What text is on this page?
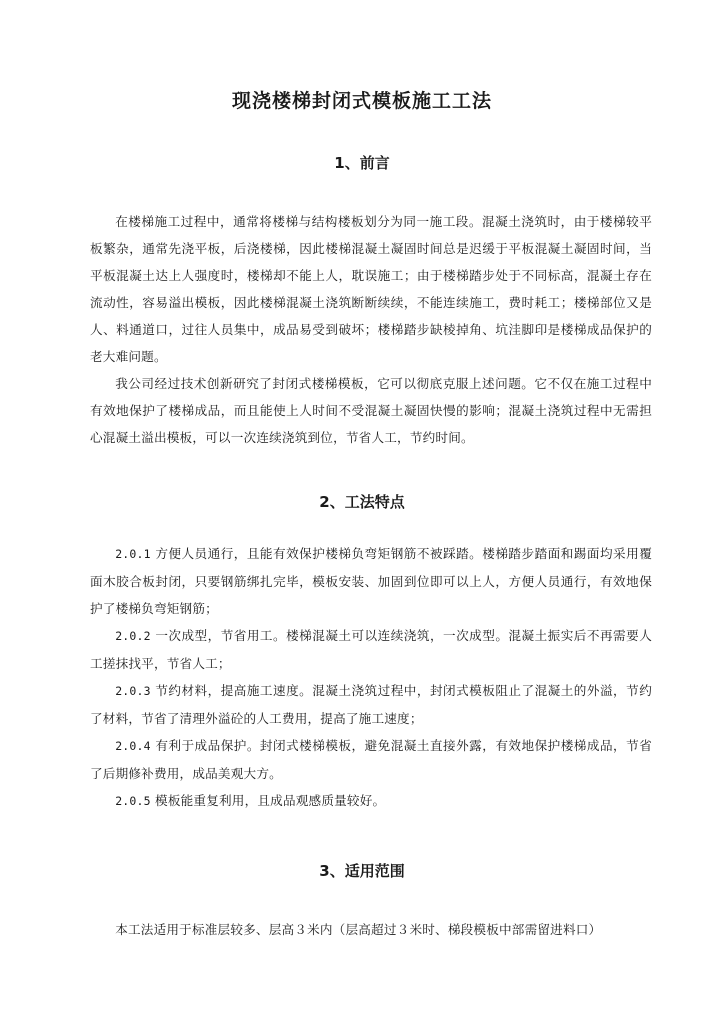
现浇楼梯封闭式模板施工工法
1、前言

在楼梯施工过程中，通常将楼梯与结构楼板划分为同一施工段。混凝土浇筑时，由于楼梯较平板繁杂，通常先浇平板，后浇楼梯，因此楼梯混凝土凝固时间总是迟缓于平板混凝土凝固时间，当平板混凝土达上人强度时，楼梯却不能上人，耽误施工；由于楼梯踏步处于不同标高，混凝土存在流动性，容易溢出模板，因此楼梯混凝土浇筑断断续续，不能连续施工，费时耗工；楼梯部位又是人、料通道口，过往人员集中，成品易受到破坏；楼梯踏步缺棱掉角、坑洼脚印是楼梯成品保护的老大难问题。

我公司经过技术创新研究了封闭式楼梯模板，它可以彻底克服上述问题。它不仅在施工过程中有效地保护了楼梯成品，而且能使上人时间不受混凝土凝固快慢的影响；混凝土浇筑过程中无需担心混凝土溢出模板，可以一次连续浇筑到位，节省人工，节约时间。

2、工法特点

2.0.1 方便人员通行，且能有效保护楼梯负弯矩钢筋不被踩踏。楼梯踏步踏面和踢面均采用覆面木胶合板封闭，只要钢筋绑扎完毕，模板安装、加固到位即可以上人，方便人员通行，有效地保护了楼梯负弯矩钢筋；

2.0.2 一次成型，节省用工。楼梯混凝土可以连续浇筑，一次成型。混凝土振实后不再需要人工搓抹找平，节省人工；

2.0.3 节约材料，提高施工速度。混凝土浇筑过程中，封闭式模板阻止了混凝土的外溢，节约了材料，节省了清理外溢砼的人工费用，提高了施工速度；

2.0.4 有利于成品保护。封闭式楼梯模板，避免混凝土直接外露，有效地保护楼梯成品，节省了后期修补费用，成品美观大方。

2.0.5 模板能重复利用，且成品观感质量较好。

3、适用范围

本工法适用于标准层较多、层高３米内（层高超过３米时、梯段模板中部需留进料口）
